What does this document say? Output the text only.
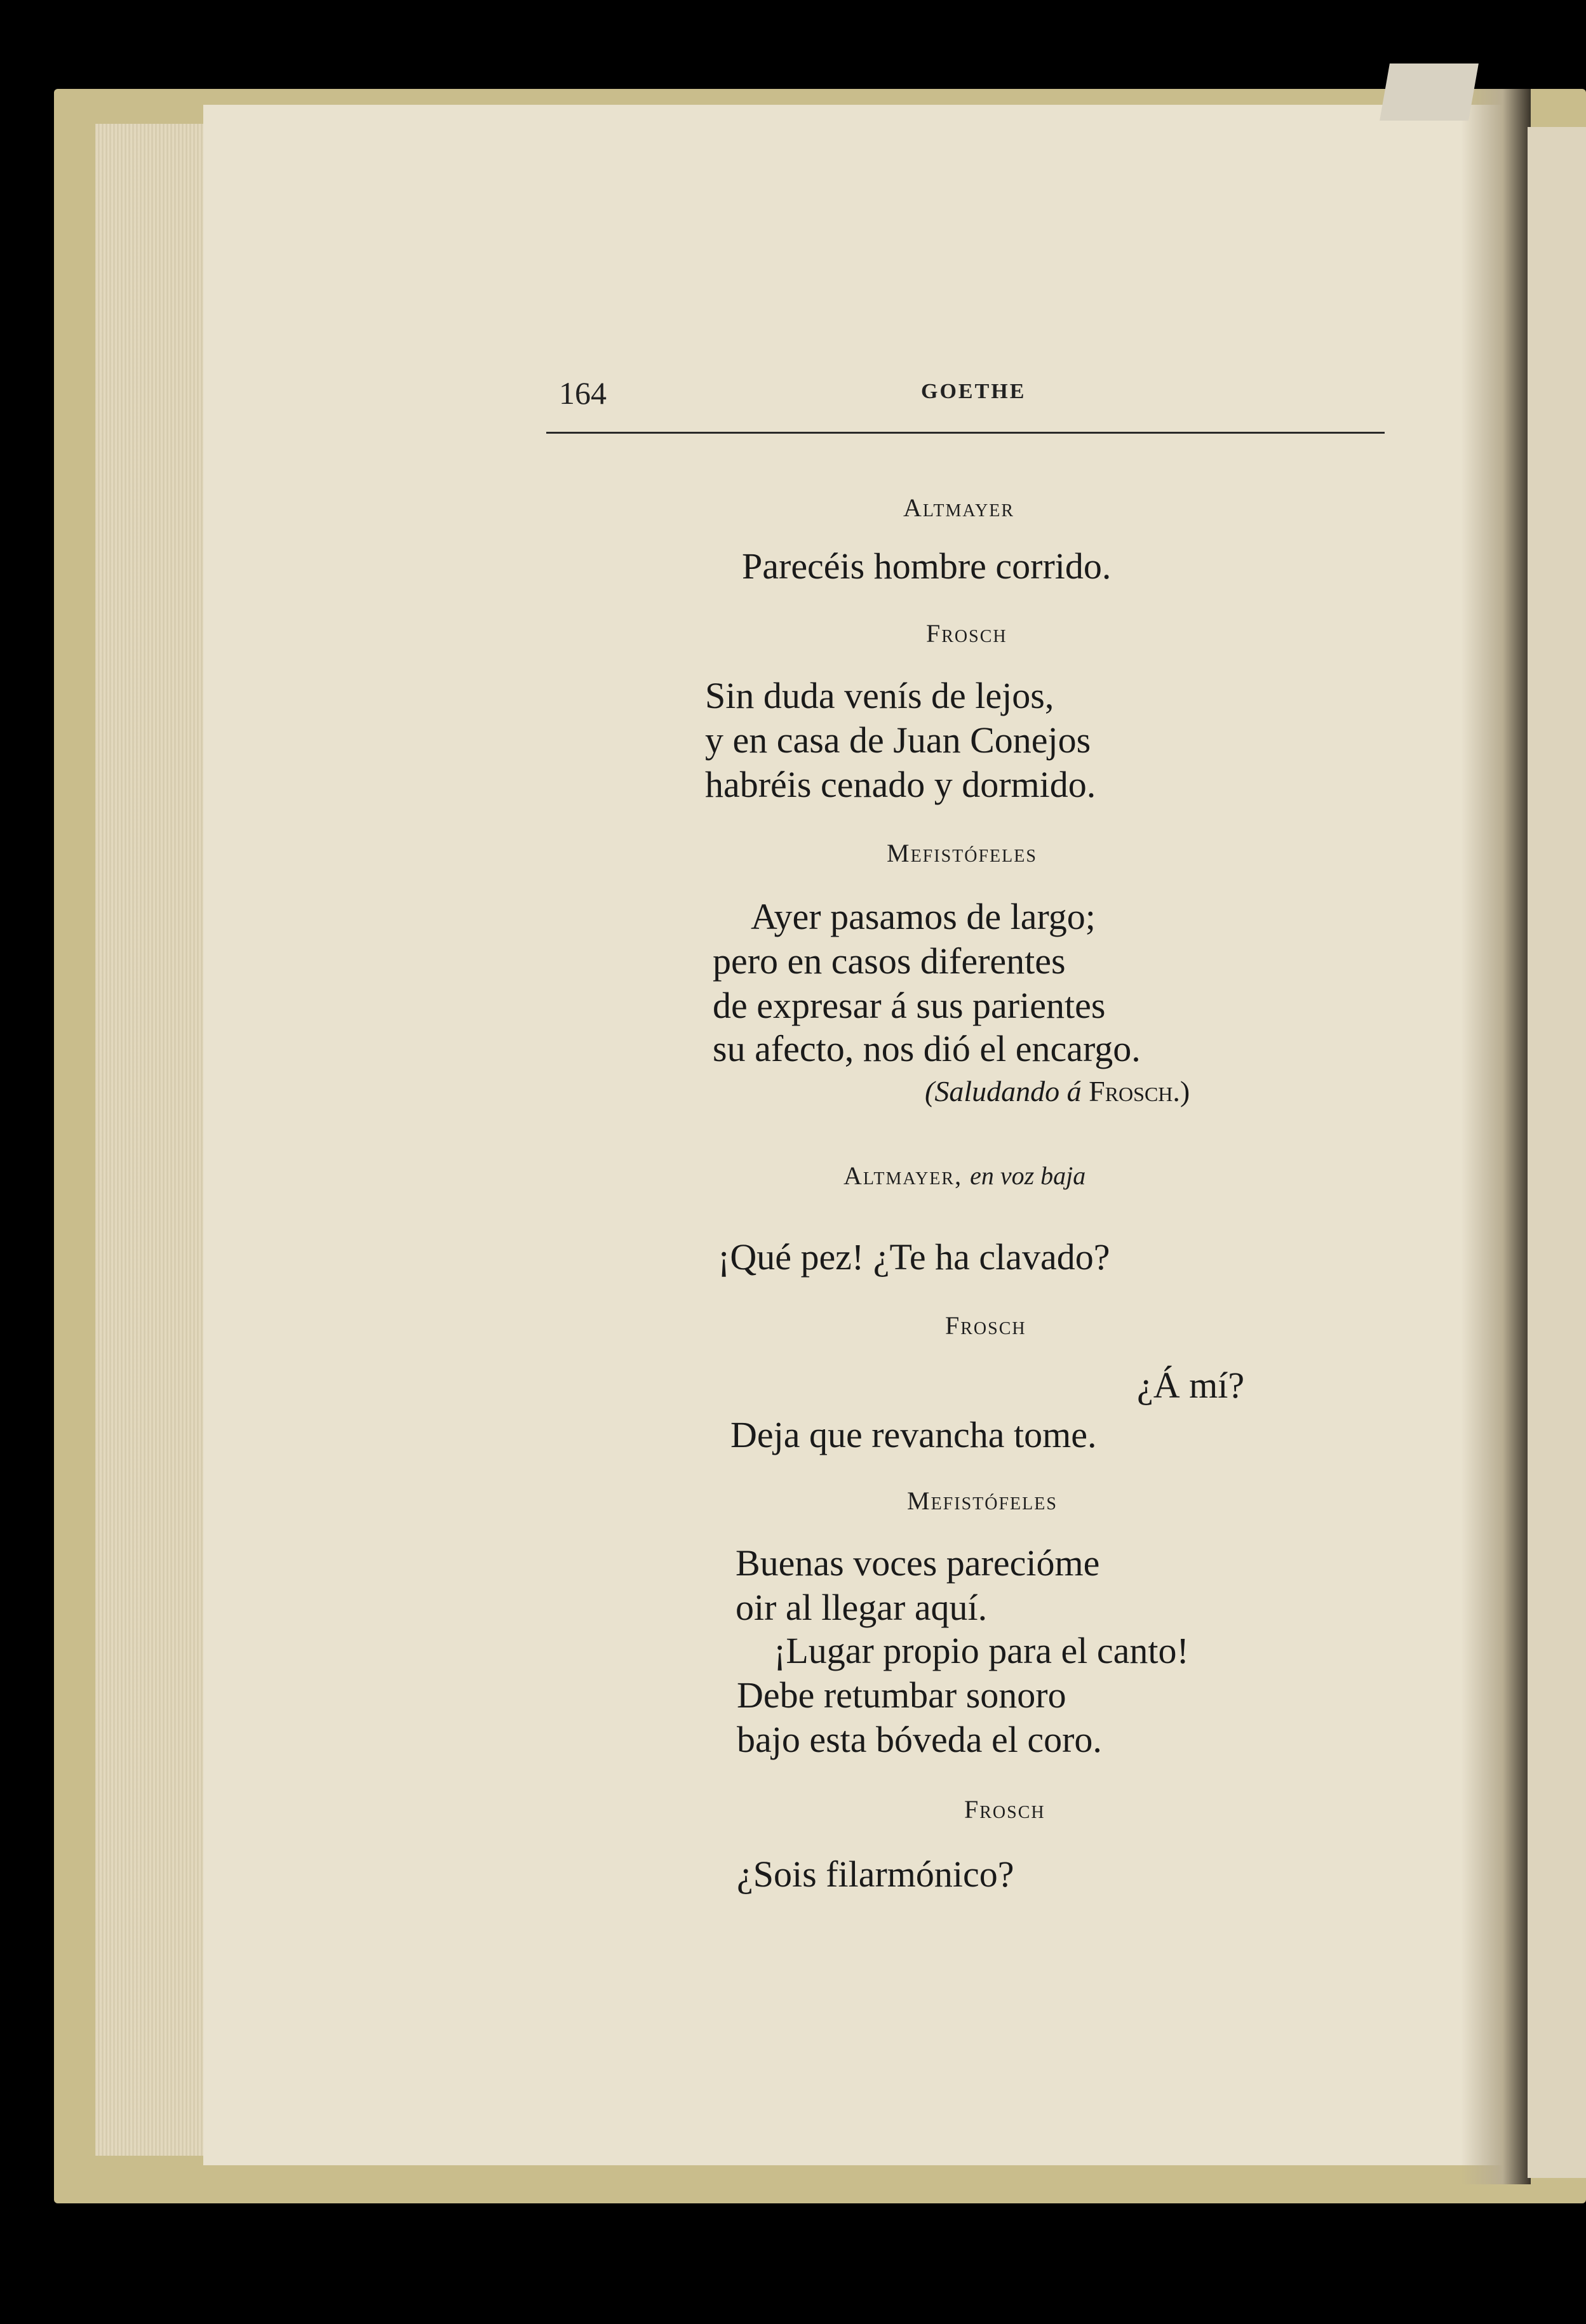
164	GOETHE
Altmayer
Parecéis hombre corrido.
Frosch
Sin duda venís de lejos,
y en casa de Juan Conejos
habréis cenado y dormido.
Mefistófeles
Ayer pasamos de largo;
pero en casos diferentes
de expresar á sus parientes
su afecto, nos dió el encargo.
(Saludando á Frosch.)
Altmayer, en voz baja
¡Qué pez! ¿Te ha clavado?
Frosch
¿Á mí?
Deja que revancha tome.
Mefistófeles
Buenas voces parecióme
oir al llegar aquí.
¡Lugar propio para el canto!
Debe retumbar sonoro
bajo esta bóveda el coro.
Frosch
¿Sois filarmónico?
